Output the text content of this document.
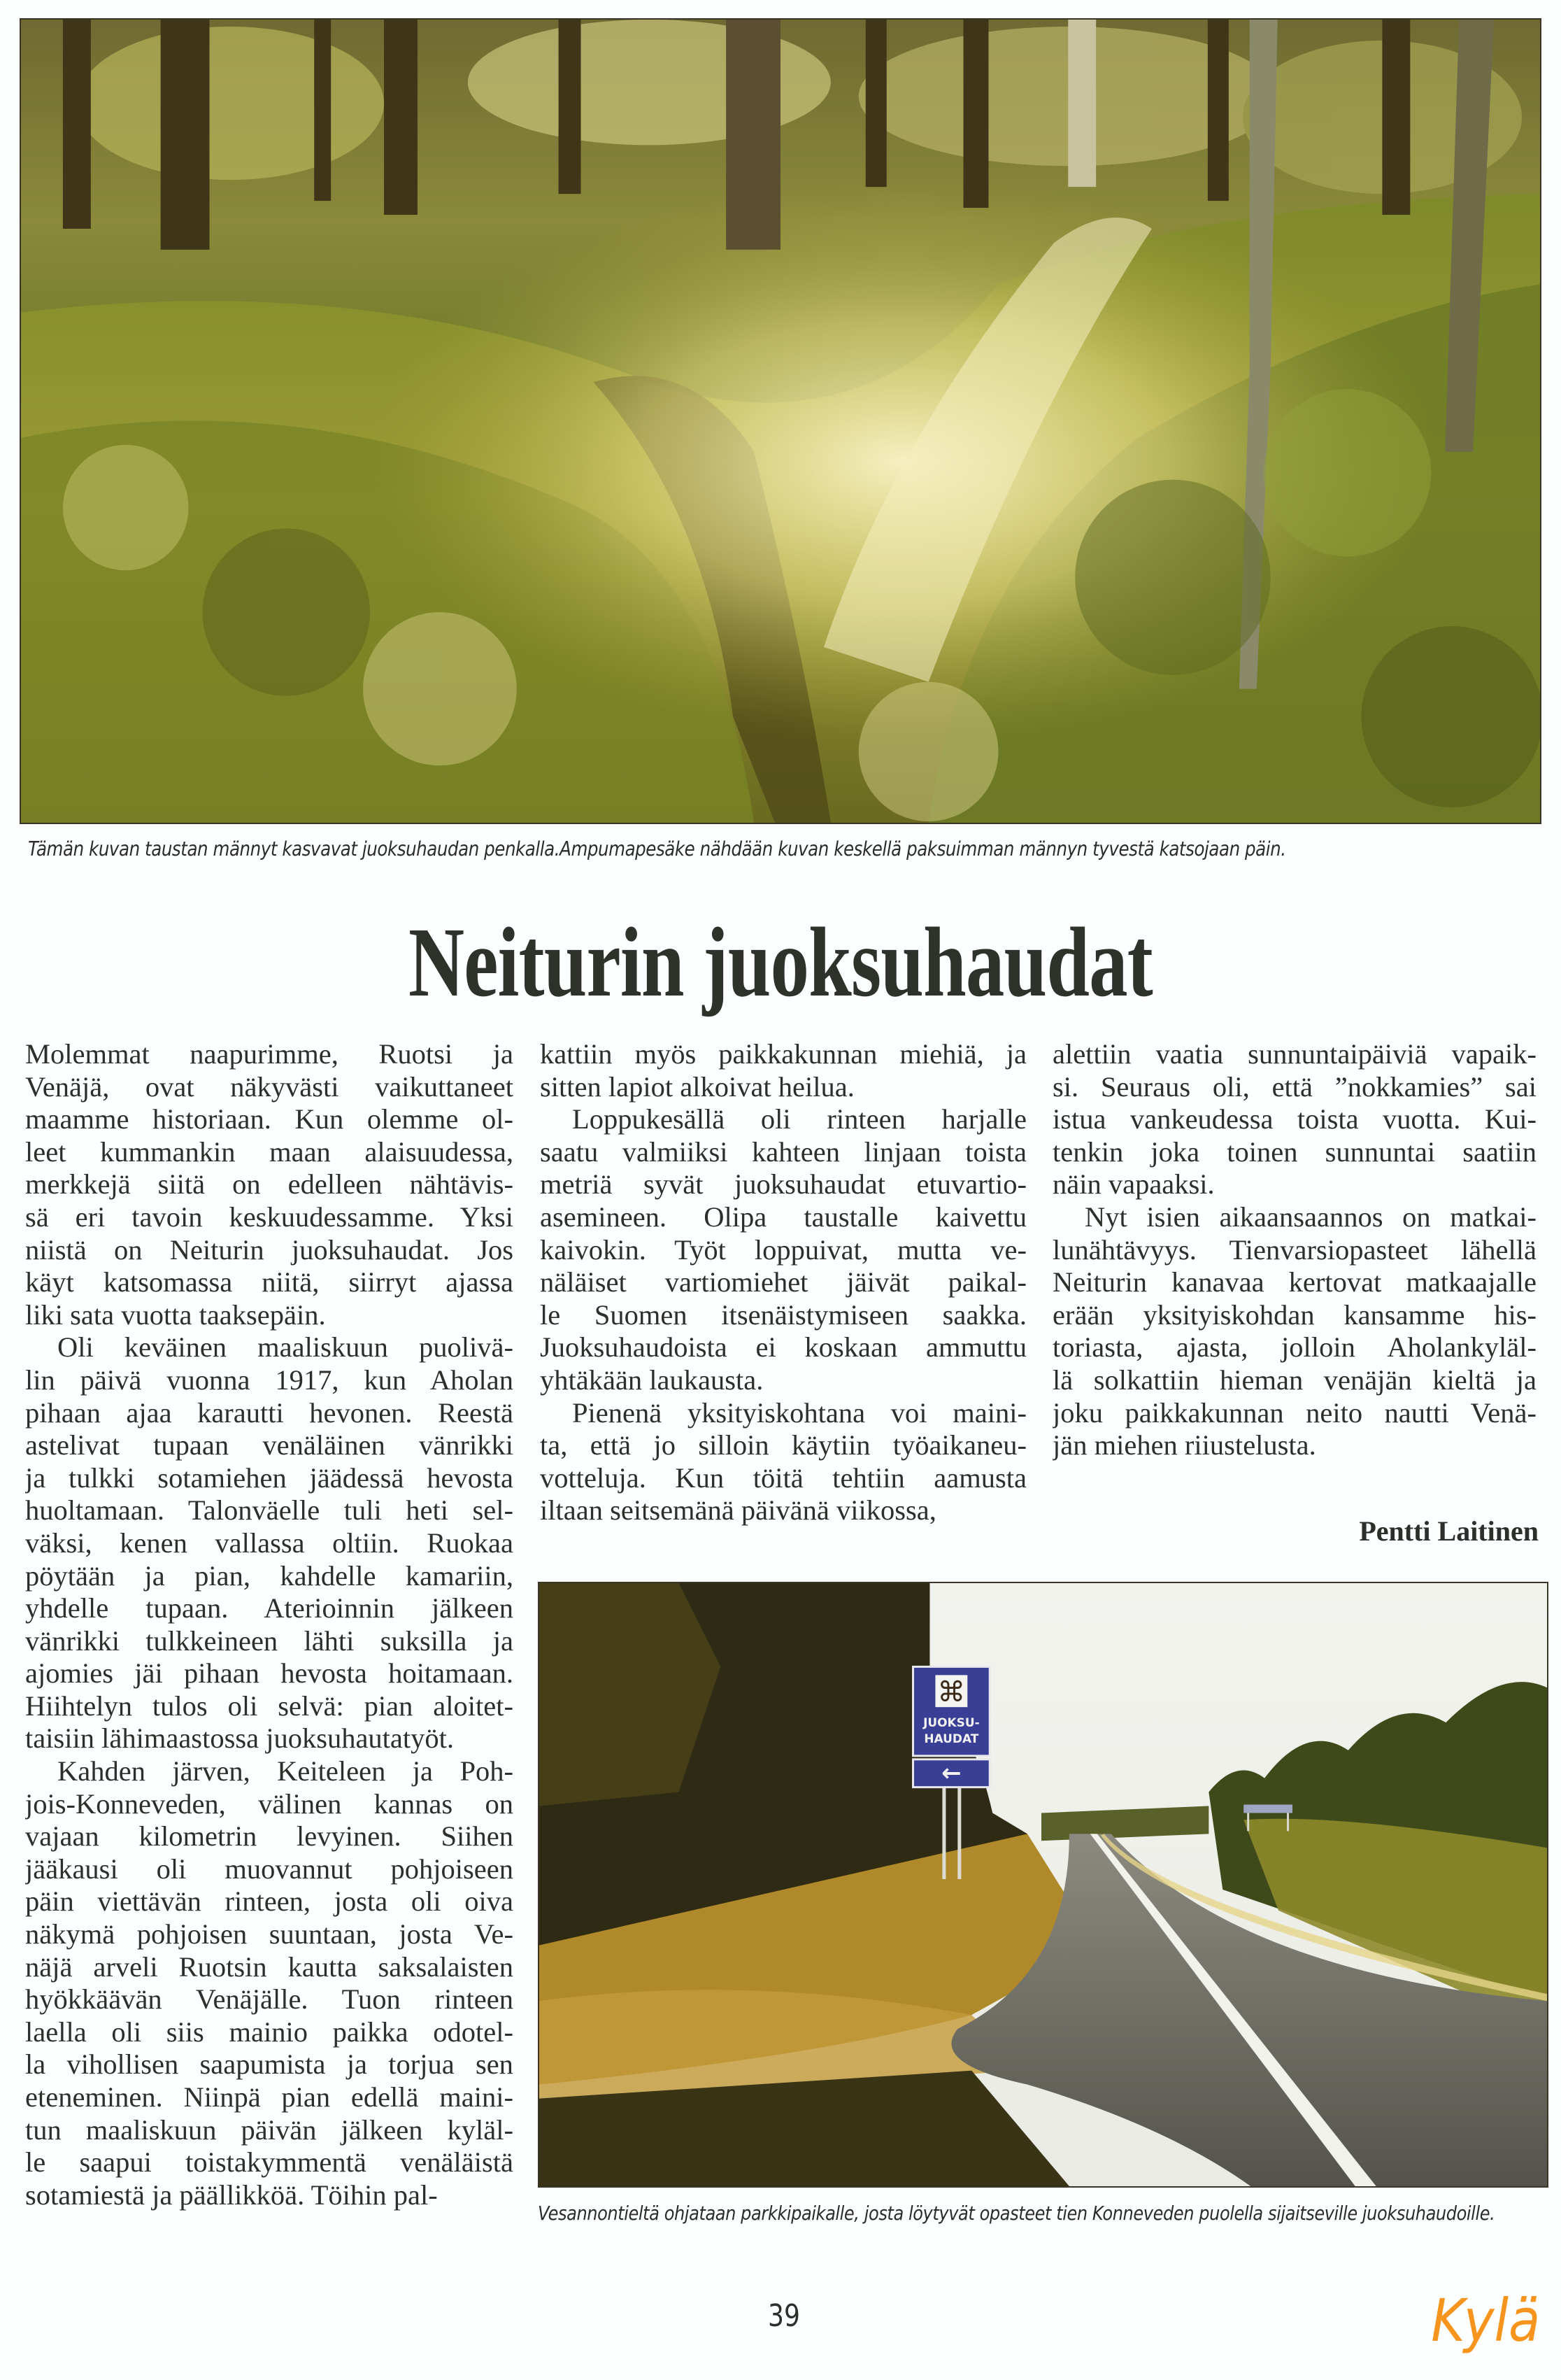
Tämän kuvan taustan männyt kasvavat juoksuhaudan penkalla.Ampumapesäke nähdään kuvan keskellä paksuimman männyn tyvestä katsojaan päin.
Neiturin juoksuhaudat

Molemmat naapurimme, Ruotsi ja
Venäjä, ovat näkyvästi vaikuttaneet
maamme historiaan. Kun olemme ol-
leet kummankin maan alaisuudessa,
merkkejä siitä on edelleen nähtävis-
sä eri tavoin keskuudessamme. Yksi
niistä on Neiturin juoksuhaudat. Jos
käyt katsomassa niitä, siirryt ajassa
liki sata vuotta taaksepäin.

Oli keväinen maaliskuun puolivä-
lin päivä vuonna 1917, kun Aholan
pihaan ajaa karautti hevonen. Reestä
astelivat tupaan venäläinen vänrikki
ja tulkki sotamiehen jäädessä hevosta
huoltamaan. Talonväelle tuli heti sel-
väksi, kenen vallassa oltiin. Ruokaa
pöytään ja pian, kahdelle kamariin,
yhdelle tupaan. Aterioinnin jälkeen
vänrikki tulkkeineen lähti suksilla ja
ajomies jäi pihaan hevosta hoitamaan.
Hiihtelyn tulos oli selvä: pian aloitet-
taisiin lähimaastossa juoksuhautatyöt.

Kahden järven, Keiteleen ja Poh-
jois-Konneveden, välinen kannas on
vajaan kilometrin levyinen. Siihen
jääkausi oli muovannut pohjoiseen
päin viettävän rinteen, josta oli oiva
näkymä pohjoisen suuntaan, josta Ve-
näjä arveli Ruotsin kautta saksalaisten
hyökkäävän Venäjälle. Tuon rinteen
laella oli siis mainio paikka odotel-
la vihollisen saapumista ja torjua sen
eteneminen. Niinpä pian edellä maini-
tun maaliskuun päivän jälkeen kyläl-
le saapui toistakymmentä venäläistä
sotamiestä ja päällikköä. Töihin pal-

kattiin myös paikkakunnan miehiä, ja
sitten lapiot alkoivat heilua.

Loppukesällä oli rinteen harjalle
saatu valmiiksi kahteen linjaan toista
metriä syvät juoksuhaudat etuvartio-
asemineen. Olipa taustalle kaivettu
kaivokin. Työt loppuivat, mutta ve-
näläiset vartiomiehet jäivät paikal-
le Suomen itsenäistymiseen saakka.
Juoksuhaudoista ei koskaan ammuttu
yhtäkään laukausta.

Pienenä yksityiskohtana voi maini-
ta, että jo silloin käytiin työaikaneu-
votteluja. Kun töitä tehtiin aamusta
iltaan seitsemänä päivänä viikossa,

alettiin vaatia sunnuntaipäiviä vapaik-
si. Seuraus oli, että ”nokkamies” sai
istua vankeudessa toista vuotta. Kui-
tenkin joka toinen sunnuntai saatiin
näin vapaaksi.

Nyt isien aikaansaannos on matkai-
lunähtävyys. Tienvarsiopasteet lähellä
Neiturin kanavaa kertovat matkaajalle
erään yksityiskohdan kansamme his-
toriasta, ajasta, jolloin Aholankyläl-
lä solkattiin hieman venäjän kieltä ja
joku paikkakunnan neito nautti Venä-
jän miehen riiustelusta.

Pentti Laitinen
⌘
JUOKSU-
HAUDAT
←
Vesannontieltä ohjataan parkkipaikalle, josta löytyvät opasteet tien Konneveden puolella sijaitseville juoksuhaudoille.
39	Kylä
